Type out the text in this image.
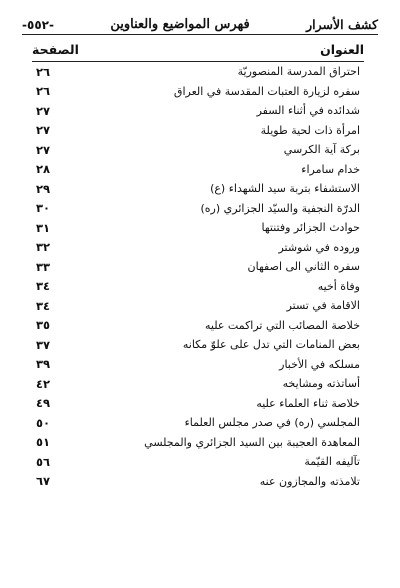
كشف الأسرار
فهرس المواضيع والعناوين
-٥٥٢-
العنوان
الصفحة
احتراق المدرسة المنصوريّة
٢٦
سفره لزيارة العتبات المقدسة في العراق
٢٦
شدائده في أثناء السفر
٢٧
امرأة ذات لحية طويلة
٢٧
بركة آية الكرسي
٢٧
خدام سامراء
٢٨
الاستشفاء بتربة سيد الشهداء (ع)
٢٩
الدرّة النجفية والسيّد الجزائري (ره)
٣٠
حوادث الجزائر وفتنتها
٣١
وروده في شوشتر
٣٢
سفره الثاني الى اصفهان
٣٣
وفاة أخيه
٣٤
الاقامة في تستر
٣٤
خلاصة المصائب التي تراكمت عليه
٣٥
بعض المنامات التي تدل على علوّ مكانه
٣٧
مسلكه في الأخبار
٣٩
أساتذته ومشايخه
٤٢
خلاصة ثناء العلماء عليه
٤٩
المجلسي (ره) في صدر مجلس العلماء
٥٠
المعاهدة العجيبة بين السيد الجزائري والمجلسي
٥١
تآليفه القيّمة
٥٦
تلامذته والمجازون عنه
٦٧
